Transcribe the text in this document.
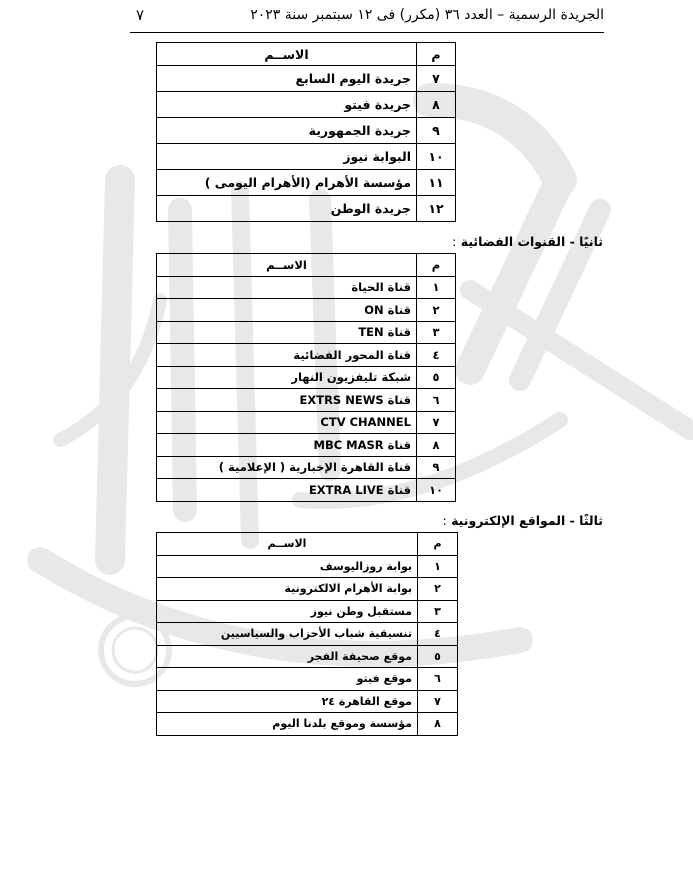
الجريدة الرسمية – العدد ٣٦ (مكرر) فى ١٢ سبتمبر سنة ٢٠٢٣
٧
م	الاســم
٧	جريدة اليوم السابع
٨	جريدة فيتو
٩	جريدة الجمهورية
١٠	البوابة نيوز
١١	مؤسسة الأهرام (الأهرام اليومى )
١٢	جريدة الوطن
ثانيًا - القنوات الفضائية :
م	الاســم
١	قناة الحياة
٢	قناة ON
٣	قناة TEN
٤	قناة المحور الفضائية
٥	شبكة تليفزيون النهار
٦	قناة EXTRS NEWS
٧	CTV CHANNEL
٨	قناة MBC MASR
٩	قناة القاهرة الإخبارية ( الإعلامية )
١٠	قناة EXTRA LIVE
ثالثًا - المواقع الإلكترونية :
م	الاســم
١	بوابة روزاليوسف
٢	بوابة الأهرام الالكترونية
٣	مستقبل وطن نيوز
٤	تنسيقية شباب الأحزاب والسياسيين
٥	موقع صحيفة الفجر
٦	موقع فيتو
٧	موقع القاهرة ٢٤
٨	مؤسسة وموقع بلدنا اليوم
